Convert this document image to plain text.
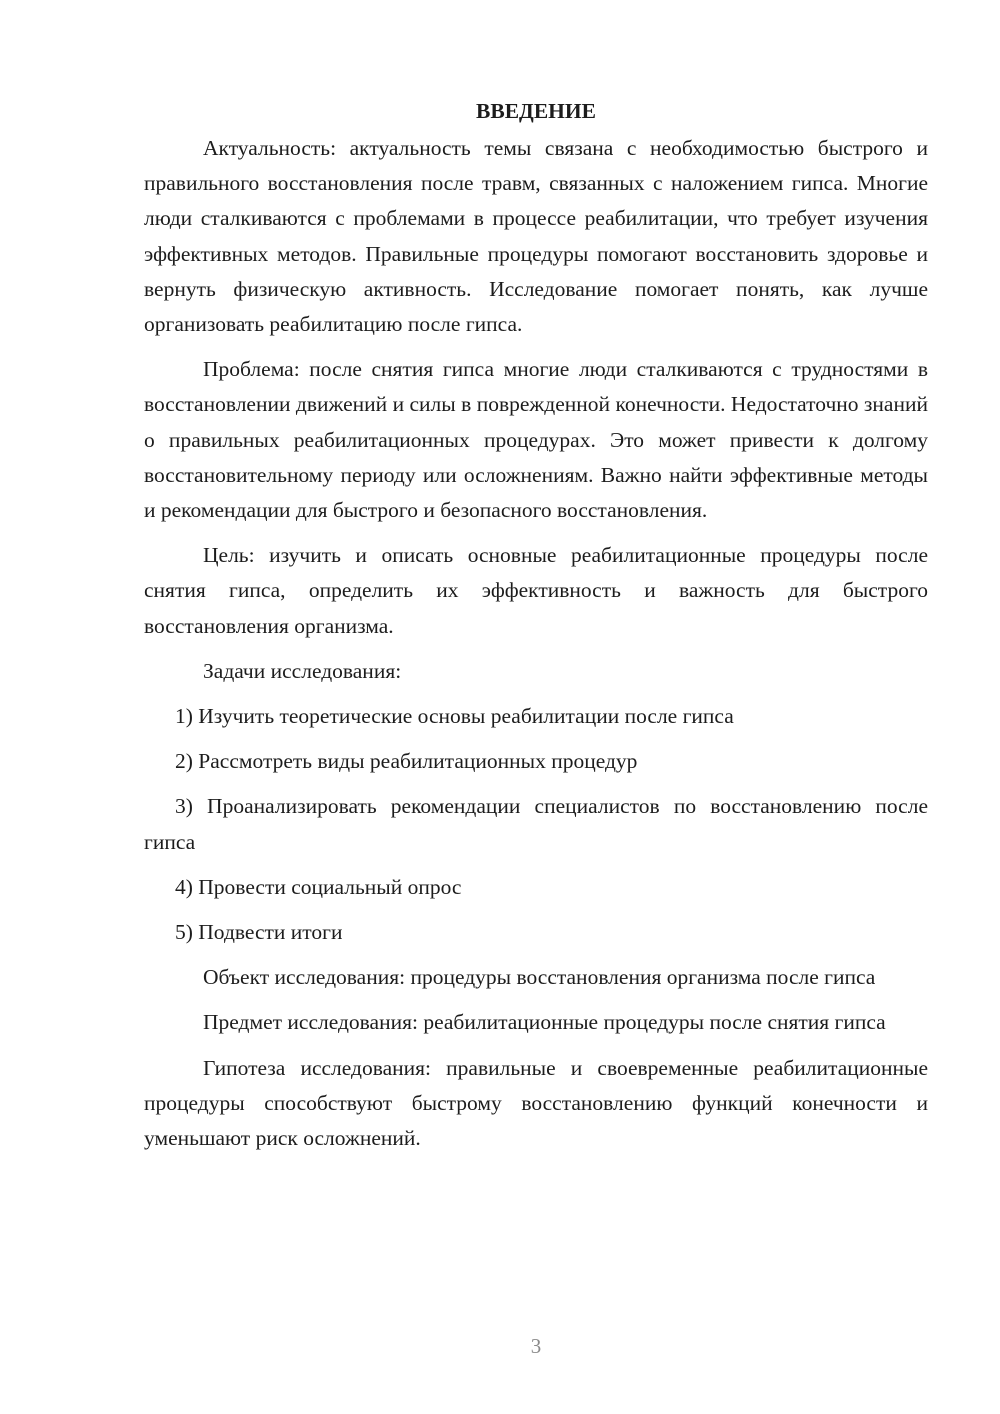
ВВЕДЕНИЕ

Актуальность: актуальность темы связана с необходимостью быстрого и правильного восстановления после травм, связанных с наложением гипса. Многие люди сталкиваются с проблемами в процессе реабилитации, что требует изучения эффективных методов. Правильные процедуры помогают восстановить здоровье и вернуть физическую активность. Исследование помогает понять, как лучше организовать реабилитацию после гипса.

Проблема: после снятия гипса многие люди сталкиваются с трудностями в восстановлении движений и силы в поврежденной конечности. Недостаточно знаний о правильных реабилитационных процедурах. Это может привести к долгому восстановительному периоду или осложнениям. Важно найти эффективные методы и рекомендации для быстрого и безопасного восстановления.

Цель: изучить и описать основные реабилитационные процедуры после снятия гипса, определить их эффективность и важность для быстрого восстановления организма.

Задачи исследования:

1) Изучить теоретические основы реабилитации после гипса

2) Рассмотреть виды реабилитационных процедур

3) Проанализировать рекомендации специалистов по восстановлению после гипса

4) Провести социальный опрос

5) Подвести итоги

Объект исследования: процедуры восстановления организма после гипса

Предмет исследования: реабилитационные процедуры после снятия гипса

Гипотеза исследования: правильные и своевременные реабилитационные процедуры способствуют быстрому восстановлению функций конечности и уменьшают риск осложнений.

3
